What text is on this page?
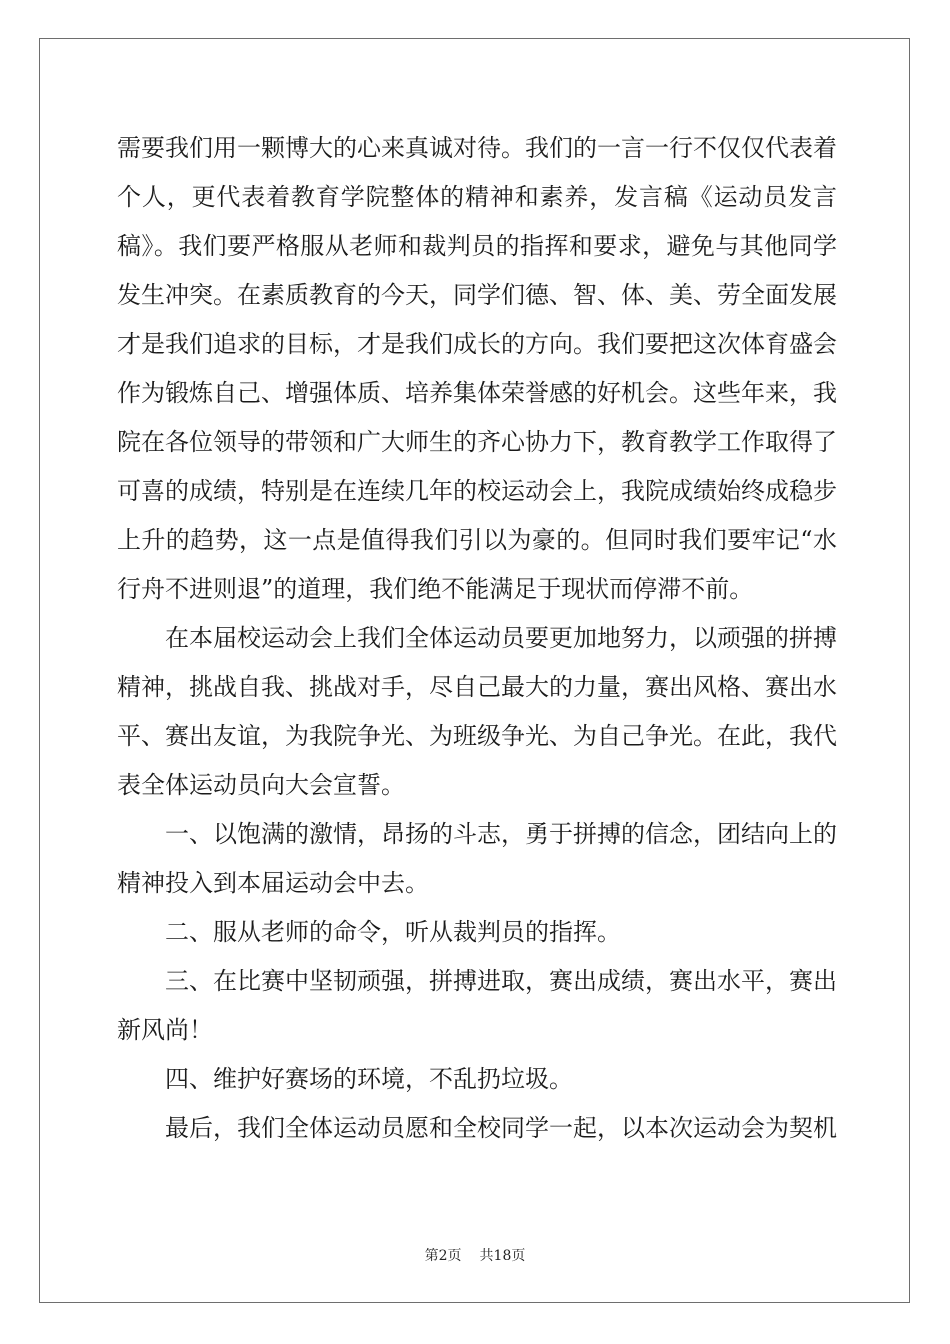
需要我们用一颗博大的心来真诚对待。我们的一言一行不仅仅代表着
个人，更代表着教育学院整体的精神和素养，发言稿《运动员发言
稿》。我们要严格服从老师和裁判员的指挥和要求，避免与其他同学
发生冲突。在素质教育的今天，同学们德、智、体、美、劳全面发展
才是我们追求的目标，才是我们成长的方向。我们要把这次体育盛会
作为锻炼自己、增强体质、培养集体荣誉感的好机会。这些年来，我
院在各位领导的带领和广大师生的齐心协力下，教育教学工作取得了
可喜的成绩，特别是在连续几年的校运动会上，我院成绩始终成稳步
上升的趋势，这一点是值得我们引以为豪的。但同时我们要牢记“水
行舟不进则退”的道理，我们绝不能满足于现状而停滞不前。
在本届校运动会上我们全体运动员要更加地努力，以顽强的拼搏
精神，挑战自我、挑战对手，尽自己最大的力量，赛出风格、赛出水
平、赛出友谊，为我院争光、为班级争光、为自己争光。在此，我代
表全体运动员向大会宣誓。
一、以饱满的激情，昂扬的斗志，勇于拼搏的信念，团结向上的
精神投入到本届运动会中去。
二、服从老师的命令，听从裁判员的指挥。
三、在比赛中坚韧顽强，拼搏进取，赛出成绩，赛出水平，赛出
新风尚！
四、维护好赛场的环境，不乱扔垃圾。
最后，我们全体运动员愿和全校同学一起，以本次运动会为契机
第2页 共18页
